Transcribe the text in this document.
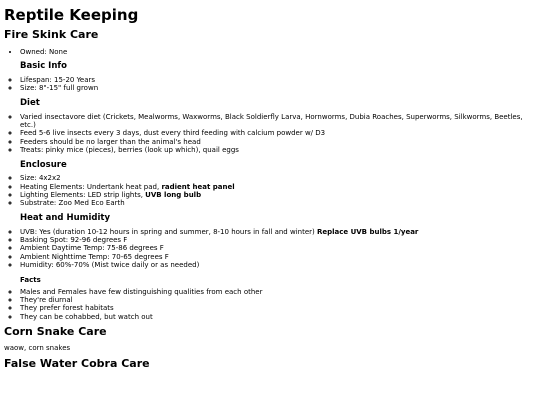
Reptile Keeping
Fire Skink Care
• Owned: None
Basic Info
◦ Lifespan: 15-20 Years
◦ Size: 8"-15" full grown
Diet
◦ Varied insectavore diet (Crickets, Mealworms, Waxworms, Black Soldierfly Larva, Hornworms, Dubia Roaches, Superworms, Silkworms, Beetles, etc.)
◦ Feed 5-6 live insects every 3 days, dust every third feeding with calcium powder w/ D3
◦ Feeders should be no larger than the animal's head
◦ Treats: pinky mice (pieces), berries (look up which), quail eggs
Enclosure
◦ Size: 4x2x2
◦ Heating Elements: Undertank heat pad, radient heat panel
◦ Lighting Elements: LED strip lights, UVB long bulb
◦ Substrate: Zoo Med Eco Earth
Heat and Humidity
◦ UVB: Yes (duration 10-12 hours in spring and summer, 8-10 hours in fall and winter) Replace UVB bulbs 1/year
◦ Basking Spot: 92-96 degrees F
◦ Ambient Daytime Temp: 75-86 degrees F
◦ Ambient Nighttime Temp: 70-65 degrees F
◦ Humidity: 60%-70% (Mist twice daily or as needed)
Facts
◦ Males and Females have few distinguishing qualities from each other
◦ They're diurnal
◦ They prefer forest habitats
◦ They can be cohabbed, but watch out
Corn Snake Care

waow, corn snakes

False Water Cobra Care
